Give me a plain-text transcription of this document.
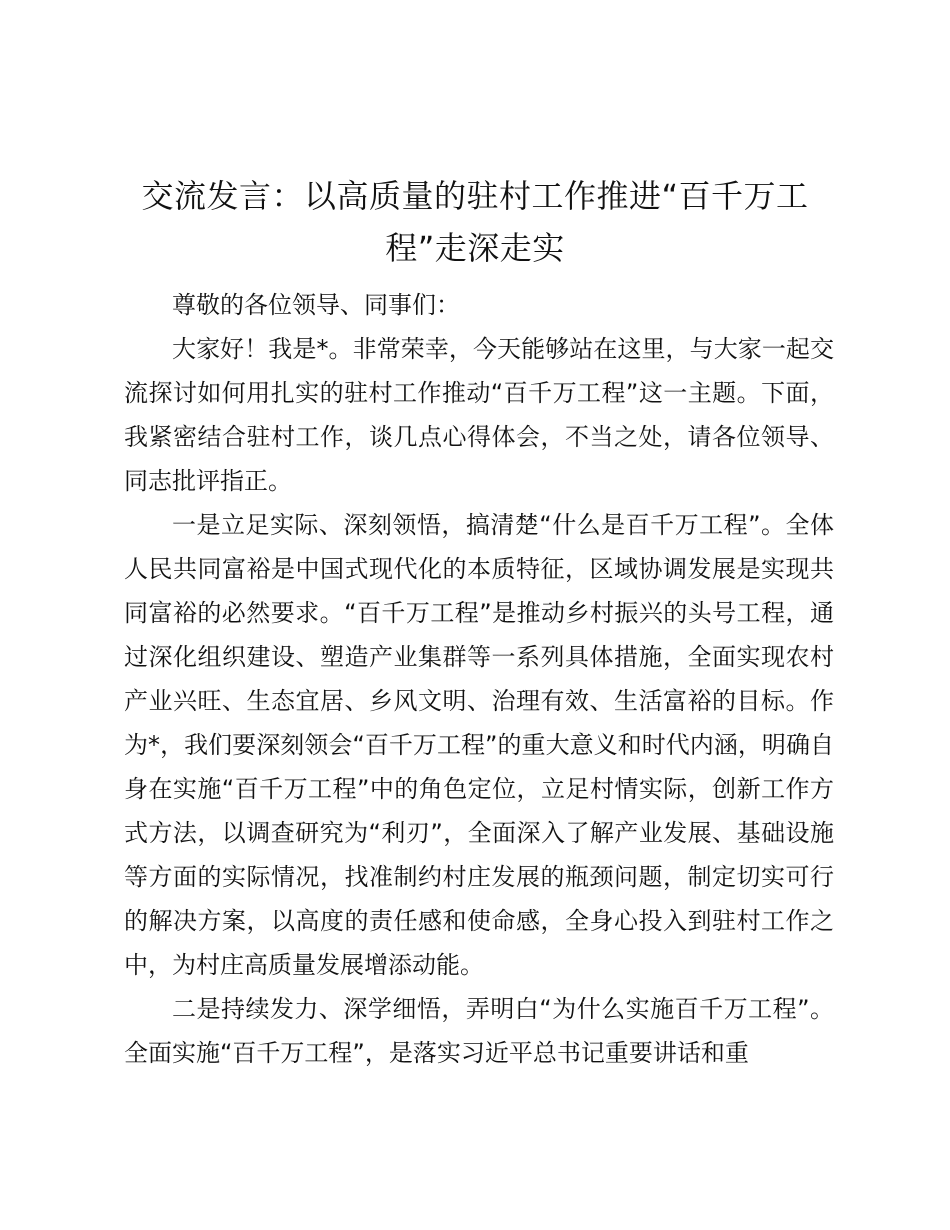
交流发言：以高质量的驻村工作推进“百千万工程”走深走实

尊敬的各位领导、同事们：

大家好！我是*。非常荣幸，今天能够站在这里，与大家一起交流探讨如何用扎实的驻村工作推动“百千万工程”这一主题。下面，我紧密结合驻村工作，谈几点心得体会，不当之处，请各位领导、同志批评指正。

一是立足实际、深刻领悟，搞清楚“什么是百千万工程”。全体人民共同富裕是中国式现代化的本质特征，区域协调发展是实现共同富裕的必然要求。“百千万工程”是推动乡村振兴的头号工程，通过深化组织建设、塑造产业集群等一系列具体措施，全面实现农村产业兴旺、生态宜居、乡风文明、治理有效、生活富裕的目标。作为*，我们要深刻领会“百千万工程”的重大意义和时代内涵，明确自身在实施“百千万工程”中的角色定位，立足村情实际，创新工作方式方法，以调查研究为“利刃”，全面深入了解产业发展、基础设施等方面的实际情况，找准制约村庄发展的瓶颈问题，制定切实可行的解决方案，以高度的责任感和使命感，全身心投入到驻村工作之中，为村庄高质量发展增添动能。

二是持续发力、深学细悟，弄明白“为什么实施百千万工程”。全面实施“百千万工程”，是落实习近平总书记重要讲话和重
